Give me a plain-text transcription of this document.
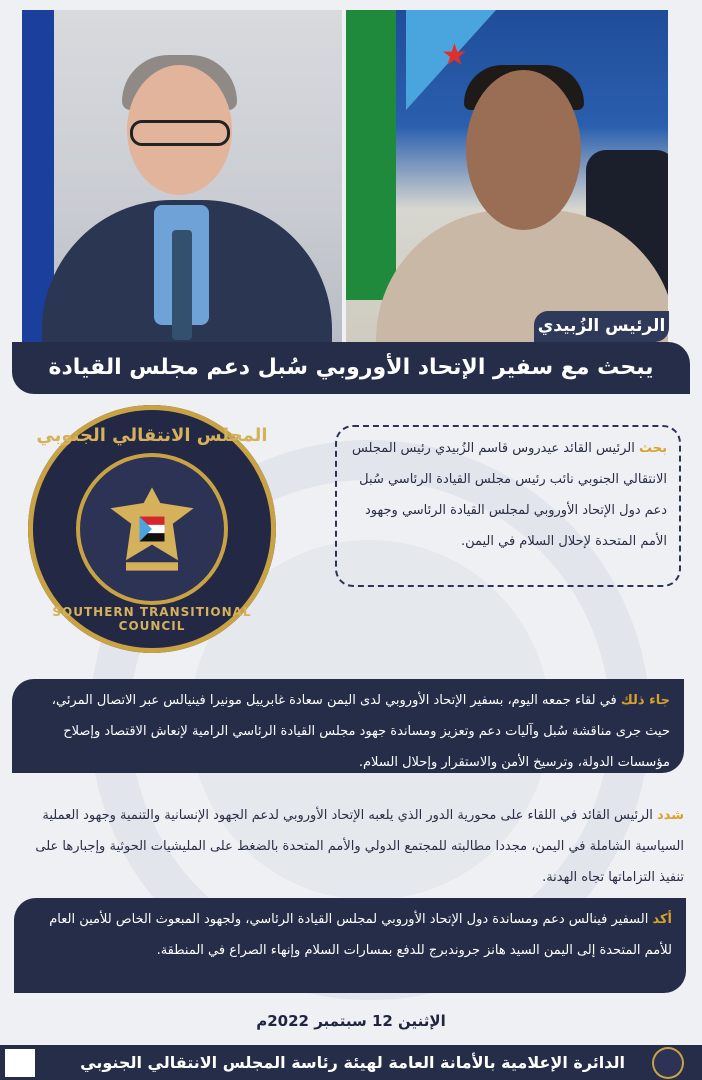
★
الرئيس الزُبيدي
يبحث مع سفير الإتحاد الأوروبي سُبل دعم مجلس القيادة
المجلس الانتقالي الجنوبي
SOUTHERN TRANSITIONAL COUNCIL
بحث الرئيس القائد عيدروس قاسم الزُبيدي رئيس المجلس الانتقالي الجنوبي نائب رئيس مجلس القيادة الرئاسي سُبل دعم دول الإتحاد الأوروبي لمجلس القيادة الرئاسي وجهود الأمم المتحدة لإحلال السلام في اليمن.
جاء ذلك في لقاء جمعه اليوم، بسفير الإتحاد الأوروبي لدى اليمن سعادة غابرييل مونيرا فينيالس عبر الاتصال المرئي، حيث جرى مناقشة سُبل وآليات دعم وتعزيز ومساندة جهود مجلس القيادة الرئاسي الرامية لإنعاش الاقتصاد وإصلاح مؤسسات الدولة، وترسيخ الأمن والاستقرار وإحلال السلام.
شدد الرئيس القائد في اللقاء على محورية الدور الذي يلعبه الإتحاد الأوروبي لدعم الجهود الإنسانية والتنمية وجهود العملية السياسية الشاملة في اليمن، مجددا مطالبته للمجتمع الدولي والأمم المتحدة بالضغط على المليشيات الحوثية وإجبارها على تنفيذ التزاماتها تجاه الهدنة.
أكد السفير فينالس دعم ومساندة دول الإتحاد الأوروبي لمجلس القيادة الرئاسي، ولجهود المبعوث الخاص للأمين العام للأمم المتحدة إلى اليمن السيد هانز جروندبرج للدفع بمسارات السلام وإنهاء الصراع في المنطقة.
الإثنين 12 سبتمبر 2022م
الدائرة الإعلامية بالأمانة العامة لهيئة رئاسة المجلس الانتقالي الجنوبي
